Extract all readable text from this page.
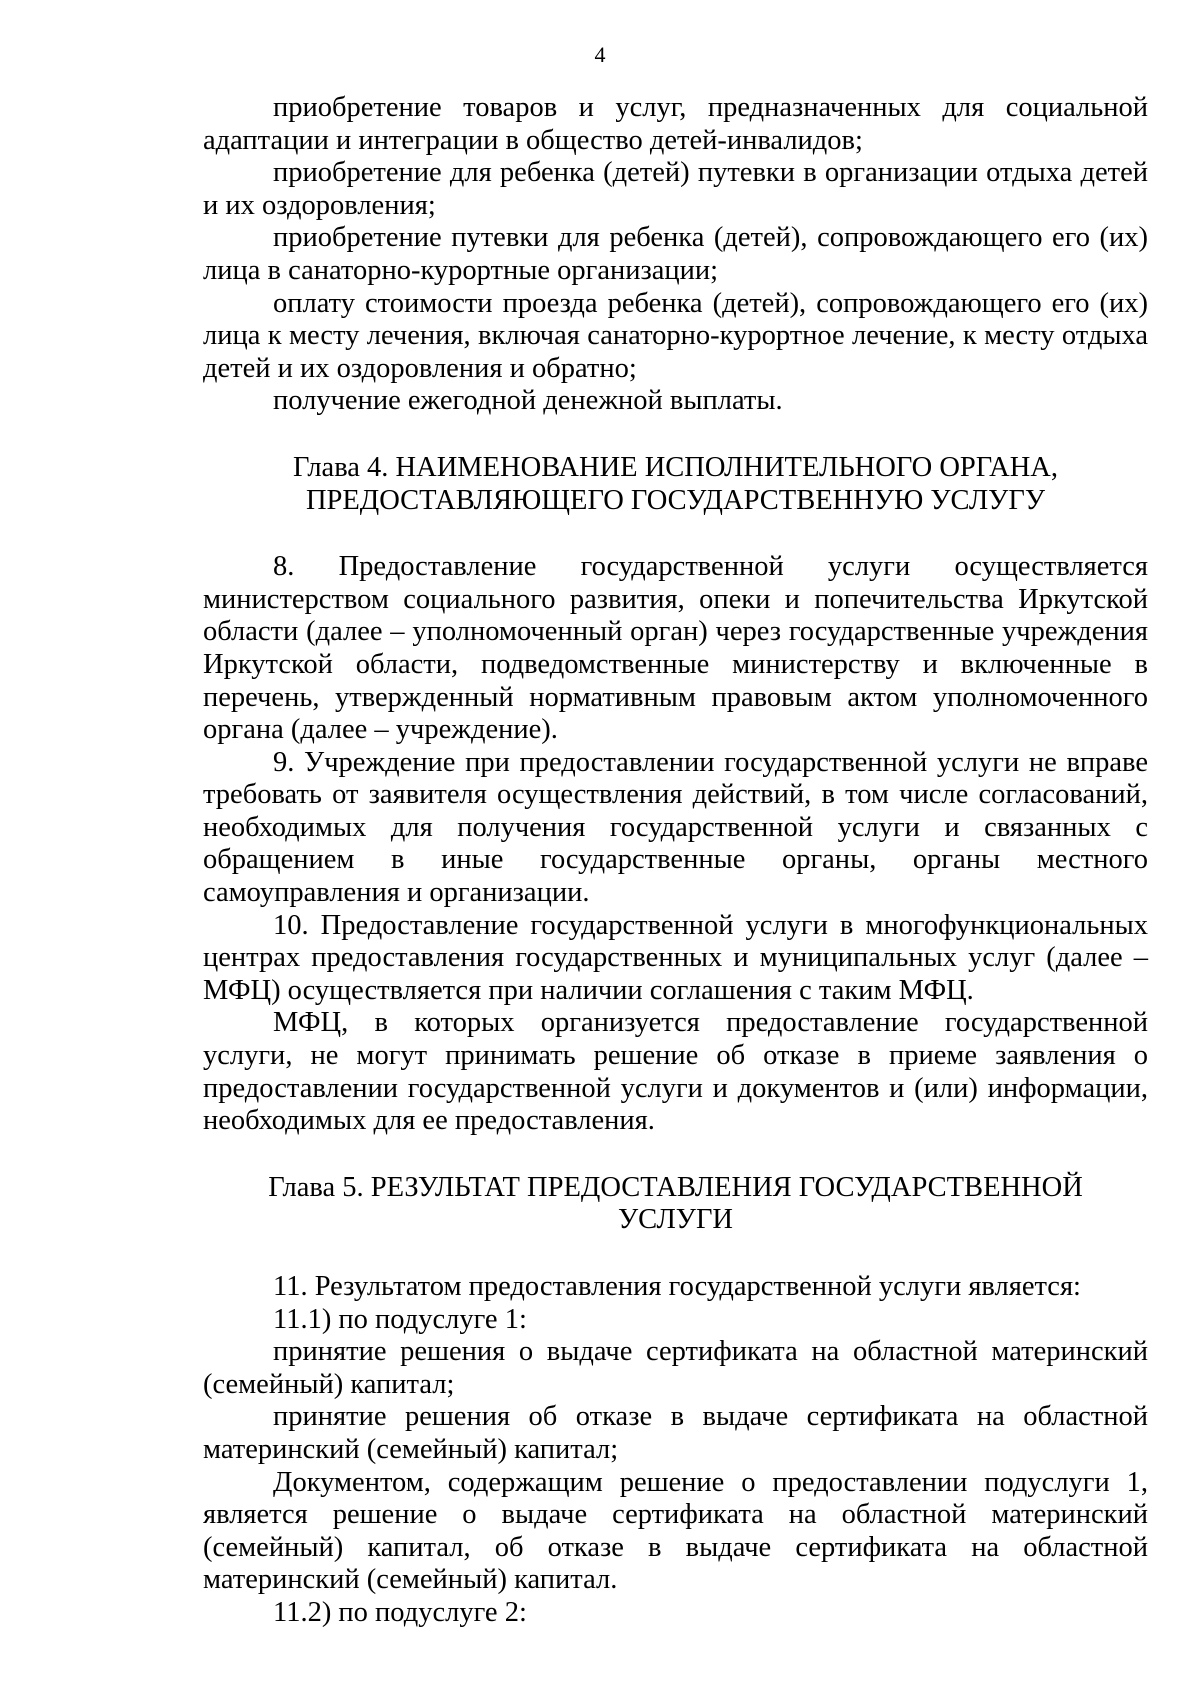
4

приобретение товаров и услуг, предназначенных для социальной адаптации и интеграции в общество детей-инвалидов;

приобретение для ребенка (детей) путевки в организации отдыха детей и их оздоровления;

приобретение путевки для ребенка (детей), сопровождающего его (их) лица в санаторно-курортные организации;

оплату стоимости проезда ребенка (детей), сопровождающего его (их) лица к месту лечения, включая санаторно-курортное лечение, к месту отдыха детей и их оздоровления и обратно;

получение ежегодной денежной выплаты.

Глава 4. НАИМЕНОВАНИЕ ИСПОЛНИТЕЛЬНОГО ОРГАНА, ПРЕДОСТАВЛЯЮЩЕГО ГОСУДАРСТВЕННУЮ УСЛУГУ

8. Предоставление государственной услуги осуществляется министерством социального развития, опеки и попечительства Иркутской области (далее – уполномоченный орган) через государственные учреждения Иркутской области, подведомственные министерству и включенные в перечень, утвержденный нормативным правовым актом уполномоченного органа (далее – учреждение).

9. Учреждение при предоставлении государственной услуги не вправе требовать от заявителя осуществления действий, в том числе согласований, необходимых для получения государственной услуги и связанных с обращением в иные государственные органы, органы местного самоуправления и организации.

10. Предоставление государственной услуги в многофункциональных центрах предоставления государственных и муниципальных услуг (далее – МФЦ) осуществляется при наличии соглашения с таким МФЦ.

МФЦ, в которых организуется предоставление государственной услуги, не могут принимать решение об отказе в приеме заявления о предоставлении государственной услуги и документов и (или) информации, необходимых для ее предоставления.

Глава 5. РЕЗУЛЬТАТ ПРЕДОСТАВЛЕНИЯ ГОСУДАРСТВЕННОЙ УСЛУГИ

11. Результатом предоставления государственной услуги является:

11.1) по подуслуге 1:

принятие решения о выдаче сертификата на областной материнский (семейный) капитал;

принятие решения об отказе в выдаче сертификата на областной материнский (семейный) капитал;

Документом, содержащим решение о предоставлении подуслуги 1, является решение о выдаче сертификата на областной материнский (семейный) капитал, об отказе в выдаче сертификата на областной материнский (семейный) капитал.

11.2) по подуслуге 2:
